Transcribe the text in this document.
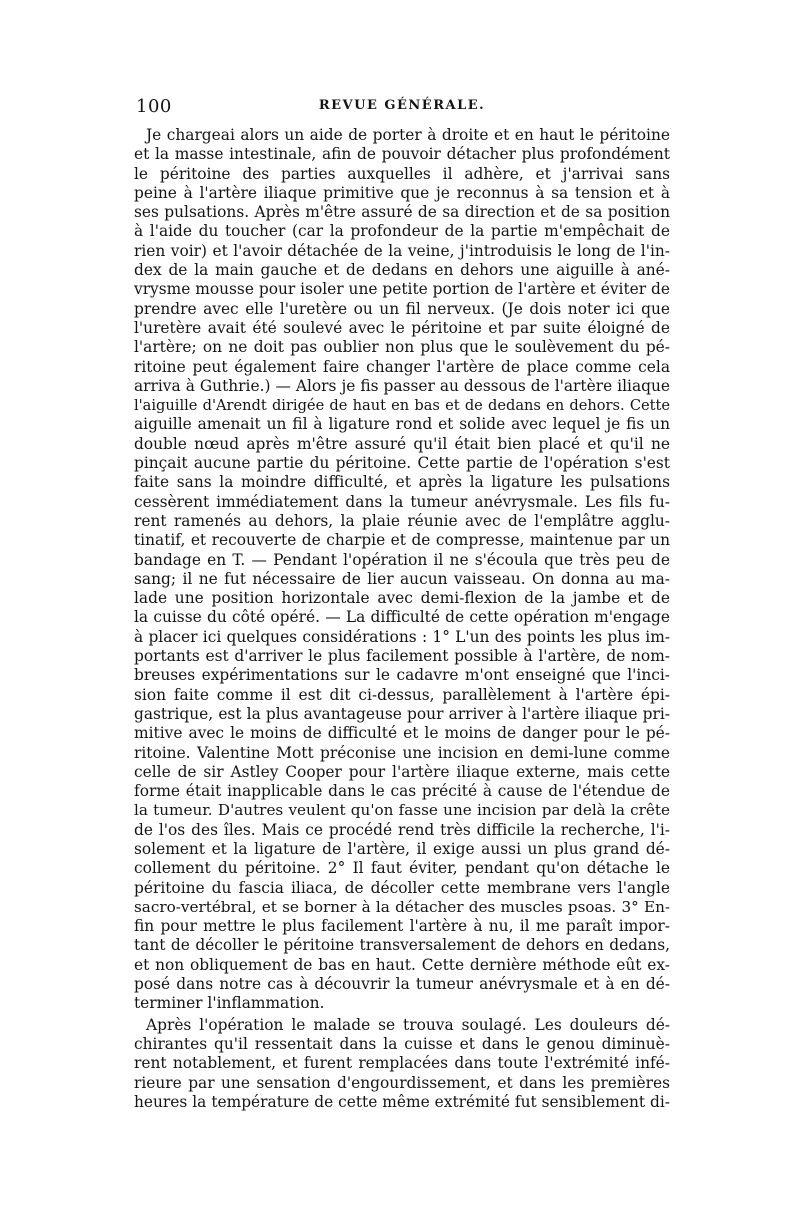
100	REVUE GÉNÉRALE.
Je chargeai alors un aide de porter à droite et en haut le péritoine
et la masse intestinale, afin de pouvoir détacher plus profondément
le péritoine des parties auxquelles il adhère, et j'arrivai sans
peine à l'artère iliaque primitive que je reconnus à sa tension et à
ses pulsations. Après m'être assuré de sa direction et de sa position
à l'aide du toucher (car la profondeur de la partie m'empêchait de
rien voir) et l'avoir détachée de la veine, j'introduisis le long de l'in-
dex de la main gauche et de dedans en dehors une aiguille à ané-
vrysme mousse pour isoler une petite portion de l'artère et éviter de
prendre avec elle l'uretère ou un fil nerveux. (Je dois noter ici que
l'uretère avait été soulevé avec le péritoine et par suite éloigné de
l'artère; on ne doit pas oublier non plus que le soulèvement du pé-
ritoine peut également faire changer l'artère de place comme cela
arriva à Guthrie.) — Alors je fis passer au dessous de l'artère iliaque
l'aiguille d'Arendt dirigée de haut en bas et de dedans en dehors. Cette
aiguille amenait un fil à ligature rond et solide avec lequel je fis un
double nœud après m'être assuré qu'il était bien placé et qu'il ne
pinçait aucune partie du péritoine. Cette partie de l'opération s'est
faite sans la moindre difficulté, et après la ligature les pulsations
cessèrent immédiatement dans la tumeur anévrysmale. Les fils fu-
rent ramenés au dehors, la plaie réunie avec de l'emplâtre agglu-
tinatif, et recouverte de charpie et de compresse, maintenue par un
bandage en T. — Pendant l'opération il ne s'écoula que très peu de
sang; il ne fut nécessaire de lier aucun vaisseau. On donna au ma-
lade une position horizontale avec demi-flexion de la jambe et de
la cuisse du côté opéré. — La difficulté de cette opération m'engage
à placer ici quelques considérations : 1° L'un des points les plus im-
portants est d'arriver le plus facilement possible à l'artère, de nom-
breuses expérimentations sur le cadavre m'ont enseigné que l'inci-
sion faite comme il est dit ci-dessus, parallèlement à l'artère épi-
gastrique, est la plus avantageuse pour arriver à l'artère iliaque pri-
mitive avec le moins de difficulté et le moins de danger pour le pé-
ritoine. Valentine Mott préconise une incision en demi-lune comme
celle de sir Astley Cooper pour l'artère iliaque externe, mais cette
forme était inapplicable dans le cas précité à cause de l'étendue de
la tumeur. D'autres veulent qu'on fasse une incision par delà la crête
de l'os des îles. Mais ce procédé rend très difficile la recherche, l'i-
solement et la ligature de l'artère, il exige aussi un plus grand dé-
collement du péritoine. 2° Il faut éviter, pendant qu'on détache le
péritoine du fascia iliaca, de décoller cette membrane vers l'angle
sacro-vertébral, et se borner à la détacher des muscles psoas. 3° En-
fin pour mettre le plus facilement l'artère à nu, il me paraît impor-
tant de décoller le péritoine transversalement de dehors en dedans,
et non obliquement de bas en haut. Cette dernière méthode eût ex-
posé dans notre cas à découvrir la tumeur anévrysmale et à en dé-
terminer l'inflammation.
Après l'opération le malade se trouva soulagé. Les douleurs dé-
chirantes qu'il ressentait dans la cuisse et dans le genou diminuè-
rent notablement, et furent remplacées dans toute l'extrémité infé-
rieure par une sensation d'engourdissement, et dans les premières
heures la température de cette même extrémité fut sensiblement di-
